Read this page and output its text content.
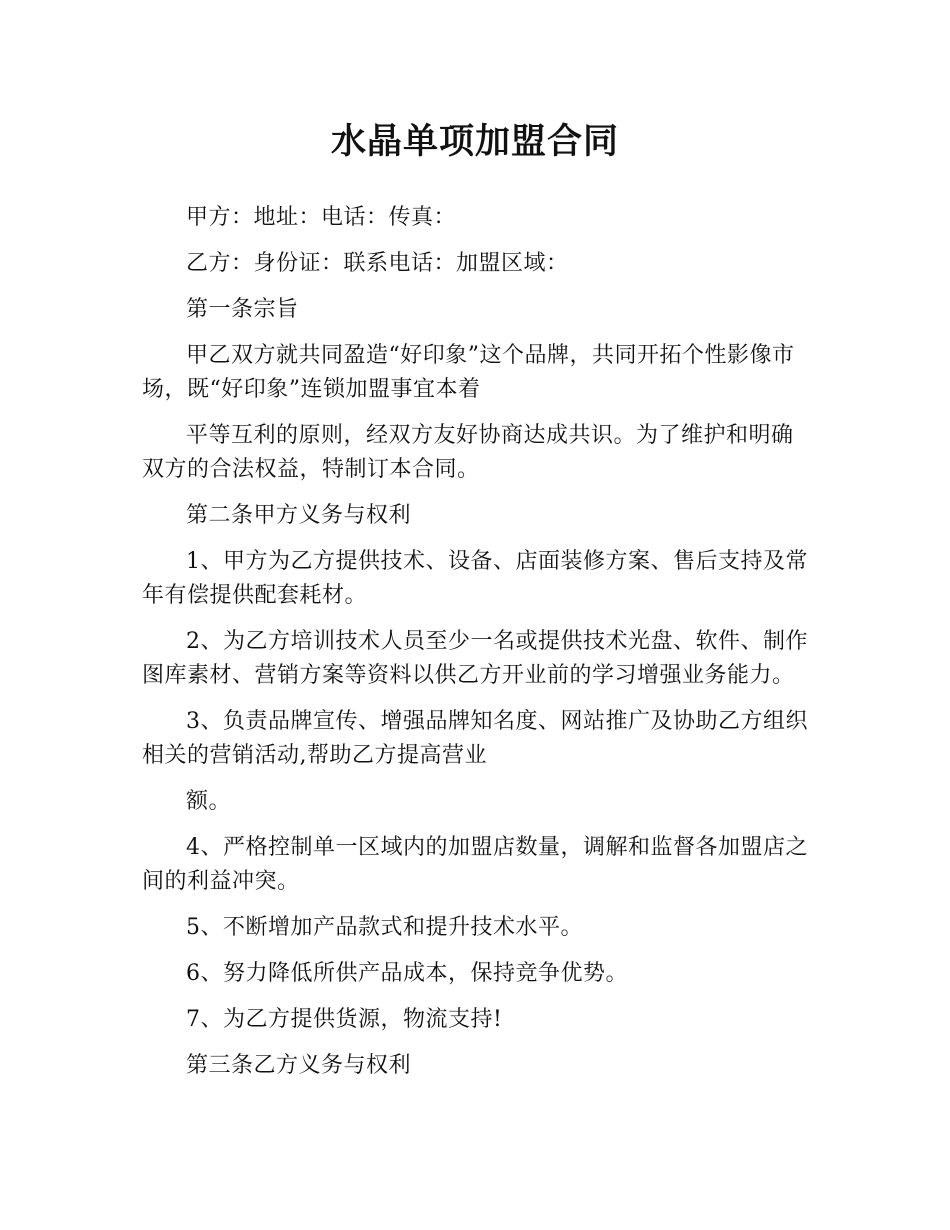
水晶单项加盟合同

甲方：地址：电话：传真：

乙方：身份证：联系电话：加盟区域：

第一条宗旨

甲乙双方就共同盈造“好印象”这个品牌，共同开拓个性影像市场，既“好印象”连锁加盟事宜本着

平等互利的原则，经双方友好协商达成共识。为了维护和明确双方的合法权益，特制订本合同。

第二条甲方义务与权利

1、甲方为乙方提供技术、设备、店面装修方案、售后支持及常年有偿提供配套耗材。

2、为乙方培训技术人员至少一名或提供技术光盘、软件、制作图库素材、营销方案等资料以供乙方开业前的学习增强业务能力。

3、负责品牌宣传、增强品牌知名度、网站推广及协助乙方组织相关的营销活动,帮助乙方提高营业

额。

4、严格控制单一区域内的加盟店数量，调解和监督各加盟店之间的利益冲突。

5、不断增加产品款式和提升技术水平。

6、努力降低所供产品成本，保持竞争优势。

7、为乙方提供货源，物流支持!

第三条乙方义务与权利
